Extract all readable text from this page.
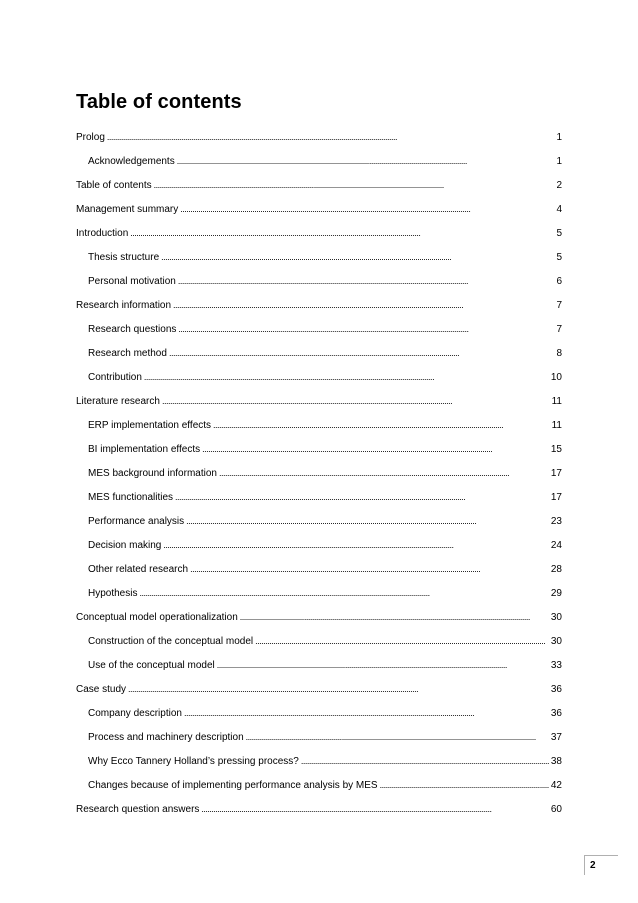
Table of contents
Prolog . . .	1
Acknowledgements . . .	1
Table of contents . . .	2
Management summary . . .	4
Introduction . . .	5
Thesis structure . . .	5
Personal motivation . . .	6
Research information . . .	7
Research questions . . .	7
Research method . . .	8
Contribution . . .	10
Literature research . . .	11
ERP implementation effects . . .	11
BI implementation effects . . .	15
MES background information . . .	17
MES functionalities . . .	17
Performance analysis . . .	23
Decision making . . .	24
Other related research . . .	28
Hypothesis . . .	29
Conceptual model operationalization . . .	30
Construction of the conceptual model . . .	30
Use of the conceptual model . . .	33
Case study . . .	36
Company description . . .	36
Process and machinery description . . .	37
Why Ecco Tannery Holland’s pressing process? . . .	38
Changes because of implementing performance analysis by MES . . .	42
Research question answers . . .	60
2
